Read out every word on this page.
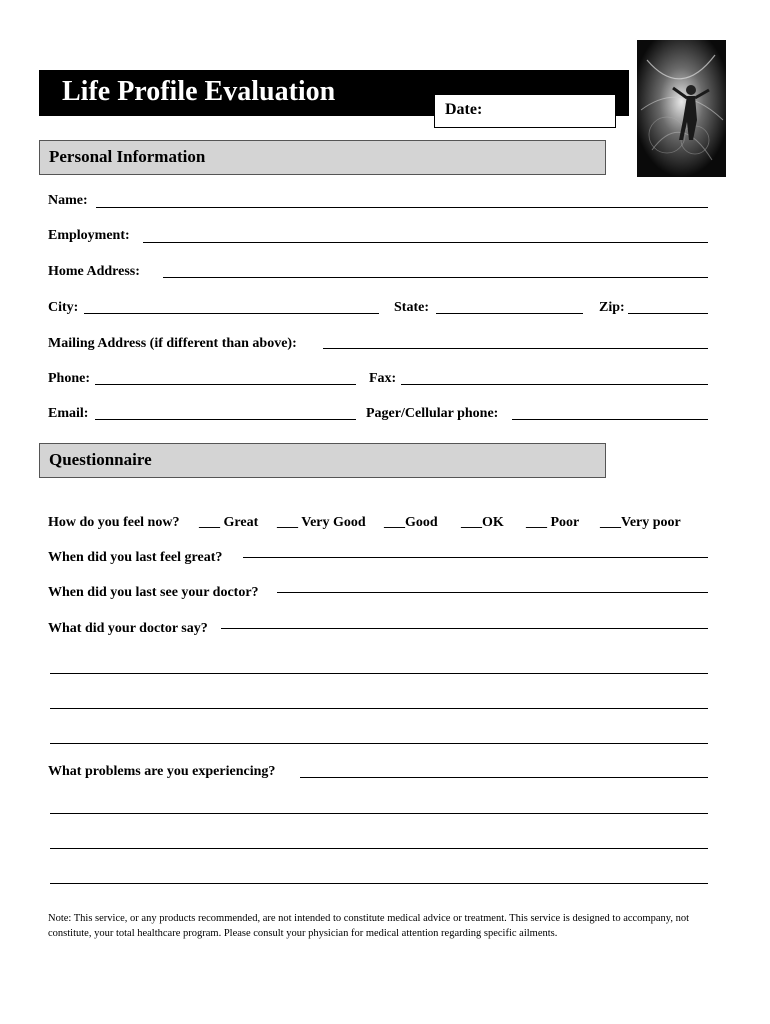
Life Profile Evaluation
Date:
Personal Information
Name:
Employment:
Home Address:
City:	State:	Zip:
Mailing Address (if different than above):
Phone:	Fax:
Email:	Pager/Cellular phone:
Questionnaire
How do you feel now? ___ Great ___ Very Good ___Good ___OK ___ Poor ___Very poor
When did you last feel great?
When did you last see your doctor?
What did your doctor say?
What problems are you experiencing?
Note: This service, or any products recommended, are not intended to constitute medical advice or treatment. This service is designed to accompany, not constitute, your total healthcare program. Please consult your physician for medical attention regarding specific ailments.
